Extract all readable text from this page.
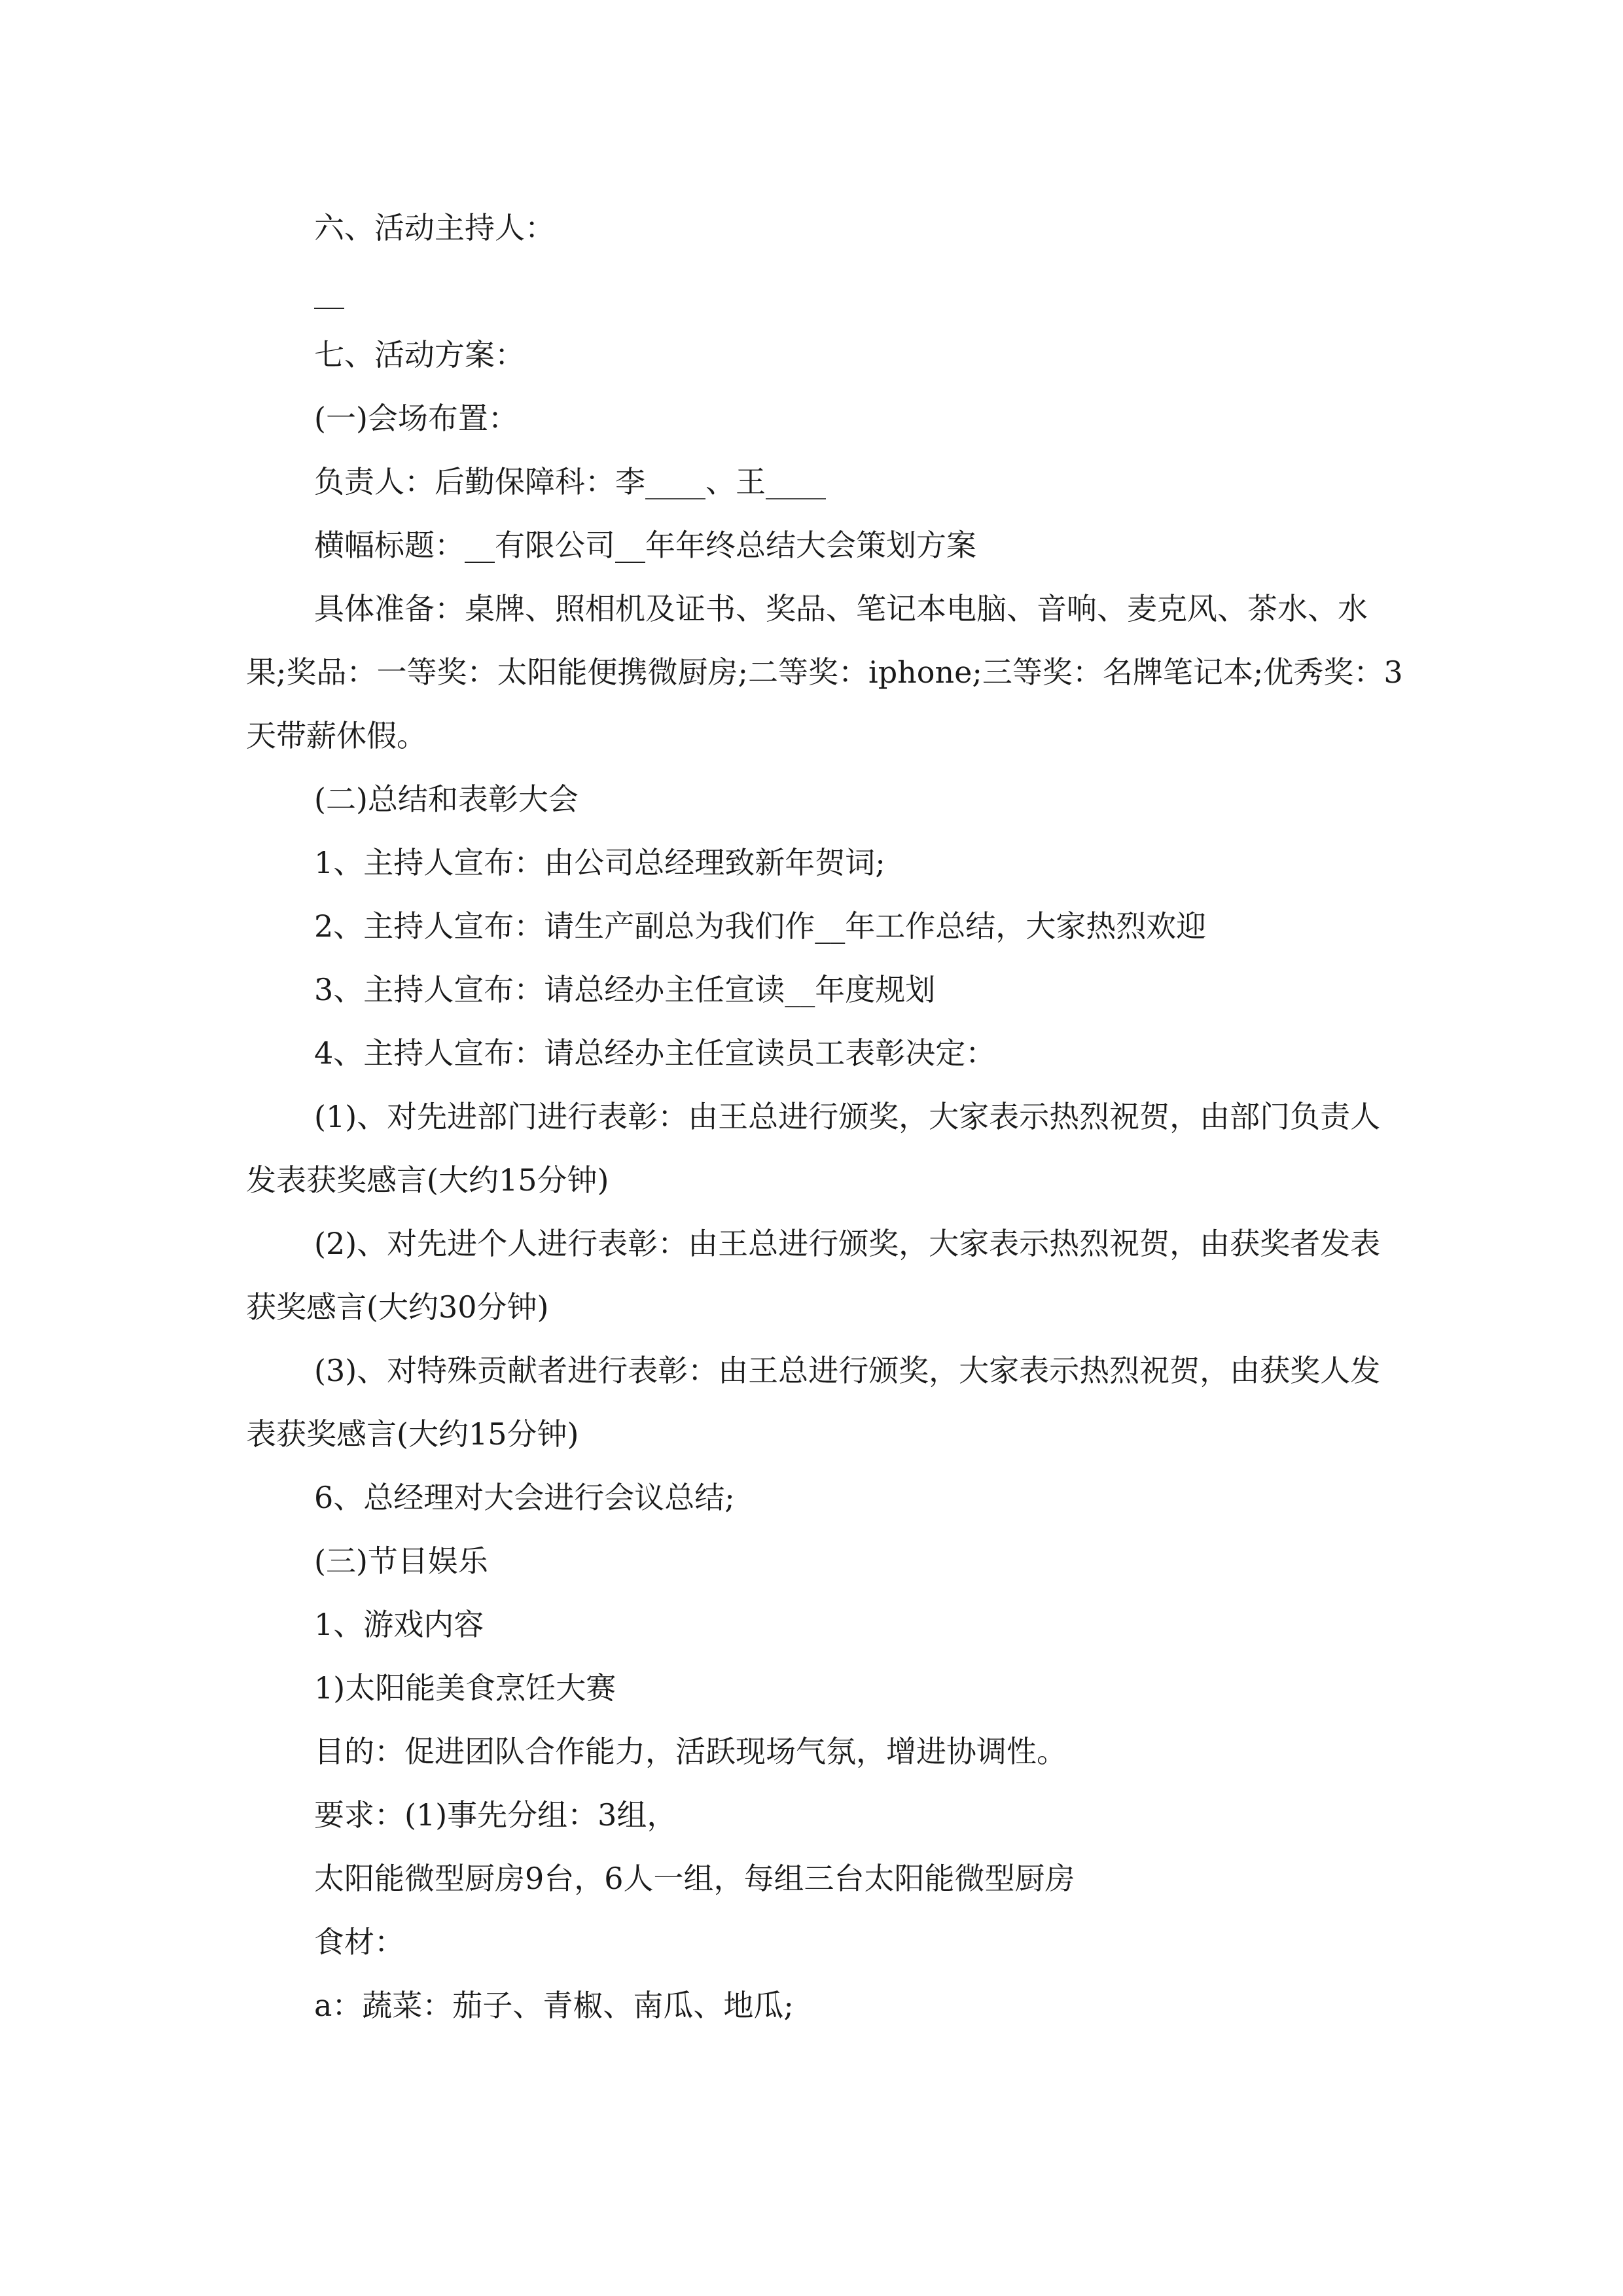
六、活动主持人：

__

七、活动方案：

(一)会场布置：

负责人：后勤保障科：李____、王____

横幅标题：__有限公司__年年终总结大会策划方案

具体准备：桌牌、照相机及证书、奖品、笔记本电脑、音响、麦克风、茶水、水果;奖品：一等奖：太阳能便携微厨房;二等奖：iphone;三等奖：名牌笔记本;优秀奖：3天带薪休假。

(二)总结和表彰大会

1、主持人宣布：由公司总经理致新年贺词;

2、主持人宣布：请生产副总为我们作__年工作总结，大家热烈欢迎

3、主持人宣布：请总经办主任宣读__年度规划

4、主持人宣布：请总经办主任宣读员工表彰决定：

(1)、对先进部门进行表彰：由王总进行颁奖，大家表示热烈祝贺，由部门负责人发表获奖感言(大约15分钟)

(2)、对先进个人进行表彰：由王总进行颁奖，大家表示热烈祝贺，由获奖者发表获奖感言(大约30分钟)

(3)、对特殊贡献者进行表彰：由王总进行颁奖，大家表示热烈祝贺，由获奖人发表获奖感言(大约15分钟)

6、总经理对大会进行会议总结;

(三)节目娱乐

1、游戏内容

1)太阳能美食烹饪大赛

目的：促进团队合作能力，活跃现场气氛，增进协调性。

要求：(1)事先分组：3组，

太阳能微型厨房9台，6人一组，每组三台太阳能微型厨房

食材：

a：蔬菜：茄子、青椒、南瓜、地瓜;
